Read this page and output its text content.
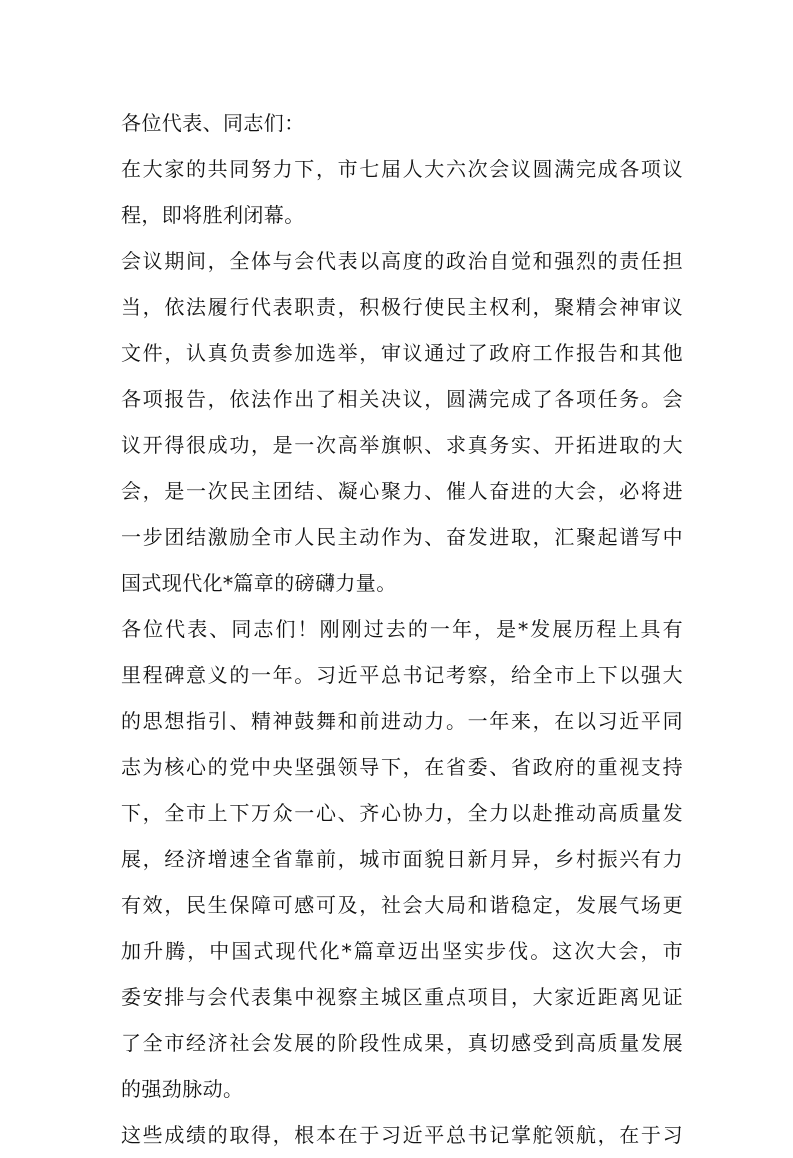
各位代表、同志们：
在大家的共同努力下，市七届人大六次会议圆满完成各项议
程，即将胜利闭幕。
会议期间，全体与会代表以高度的政治自觉和强烈的责任担
当，依法履行代表职责，积极行使民主权利，聚精会神审议
文件，认真负责参加选举，审议通过了政府工作报告和其他
各项报告，依法作出了相关决议，圆满完成了各项任务。会
议开得很成功，是一次高举旗帜、求真务实、开拓进取的大
会，是一次民主团结、凝心聚力、催人奋进的大会，必将进
一步团结激励全市人民主动作为、奋发进取，汇聚起谱写中
国式现代化*篇章的磅礴力量。
各位代表、同志们！刚刚过去的一年，是*发展历程上具有
里程碑意义的一年。习近平总书记考察，给全市上下以强大
的思想指引、精神鼓舞和前进动力。一年来，在以习近平同
志为核心的党中央坚强领导下，在省委、省政府的重视支持
下，全市上下万众一心、齐心协力，全力以赴推动高质量发
展，经济增速全省靠前，城市面貌日新月异，乡村振兴有力
有效，民生保障可感可及，社会大局和谐稳定，发展气场更
加升腾，中国式现代化*篇章迈出坚实步伐。这次大会，市
委安排与会代表集中视察主城区重点项目，大家近距离见证
了全市经济社会发展的阶段性成果，真切感受到高质量发展
的强劲脉动。
这些成绩的取得，根本在于习近平总书记掌舵领航，在于习
